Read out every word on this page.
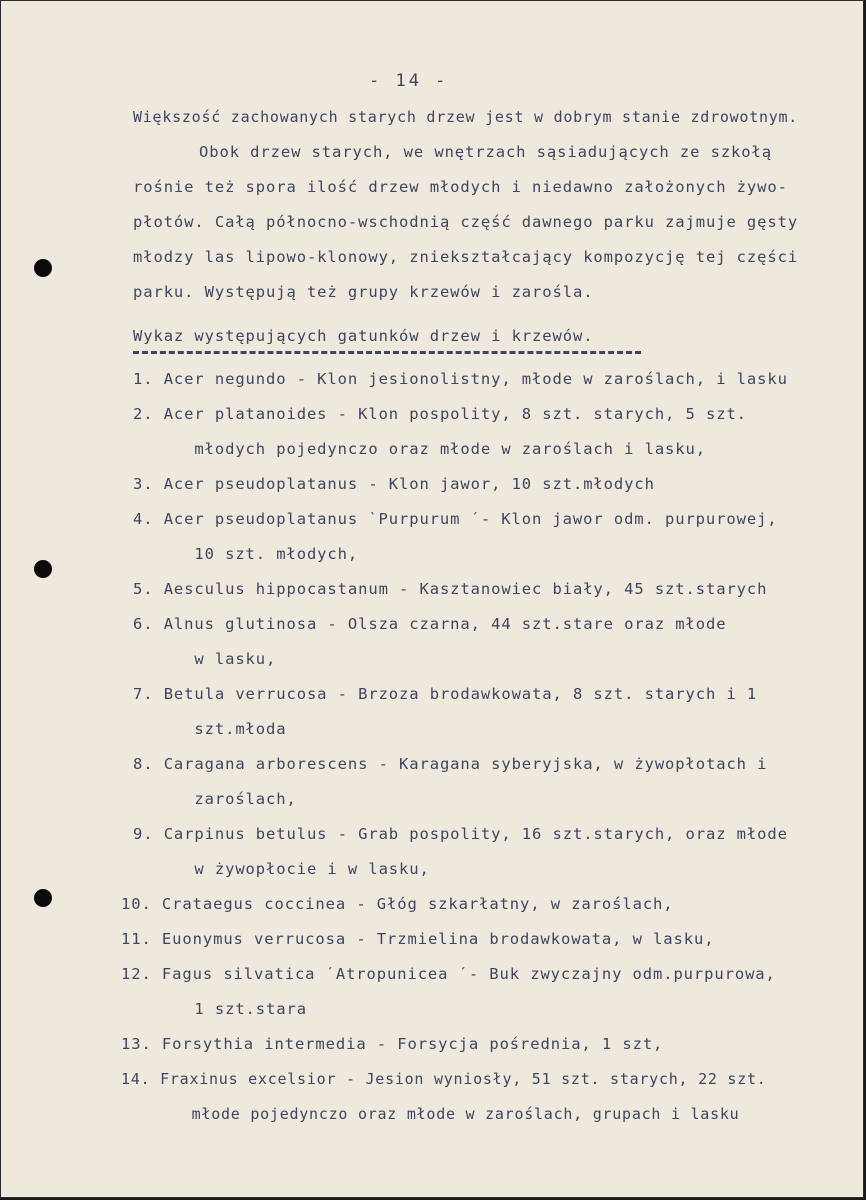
- 14 -
Większość zachowanych starych drzew jest w dobrym stanie zdrowotnym.
Obok drzew starych, we wnętrzach sąsiadujących ze szkołą
rośnie też spora ilość drzew młodych i niedawno założonych żywo-
płotów. Całą północno-wschodnią część dawnego parku zajmuje gęsty
młodzy las lipowo-klonowy, zniekształcający kompozycję tej części
parku. Występują też grupy krzewów i zarośla.
Wykaz występujących gatunków drzew i krzewów.
1. Acer negundo - Klon jesionolistny, młode w zaroślach, i lasku
2. Acer platanoides - Klon pospolity, 8 szt. starych, 5 szt.
młodych pojedynczo oraz młode w zaroślach i lasku,
3. Acer pseudoplatanus - Klon jawor, 10 szt.młodych
4. Acer pseudoplatanus ˋPurpurum ˊ- Klon jawor odm. purpurowej,
10 szt. młodych,
5. Aesculus hippocastanum - Kasztanowiec biały, 45 szt.starych
6. Alnus glutinosa - Olsza czarna, 44 szt.stare oraz młode
w lasku,
7. Betula verrucosa - Brzoza brodawkowata, 8 szt. starych i 1
szt.młoda
8. Caragana arborescens - Karagana syberyjska, w żywopłotach i
zaroślach,
9. Carpinus betulus - Grab pospolity, 16 szt.starych, oraz młode
w żywopłocie i w lasku,
10. Crataegus coccinea - Głóg szkarłatny, w zaroślach,
11. Euonymus verrucosa - Trzmielina brodawkowata, w lasku,
12. Fagus silvatica ˊAtropunicea ˊ- Buk zwyczajny odm.purpurowa,
1 szt.stara
13. Forsythia intermedia - Forsycja pośrednia, 1 szt,
14. Fraxinus excelsior - Jesion wyniosły, 51 szt. starych, 22 szt.
młode pojedynczo oraz młode w zaroślach, grupach i lasku
